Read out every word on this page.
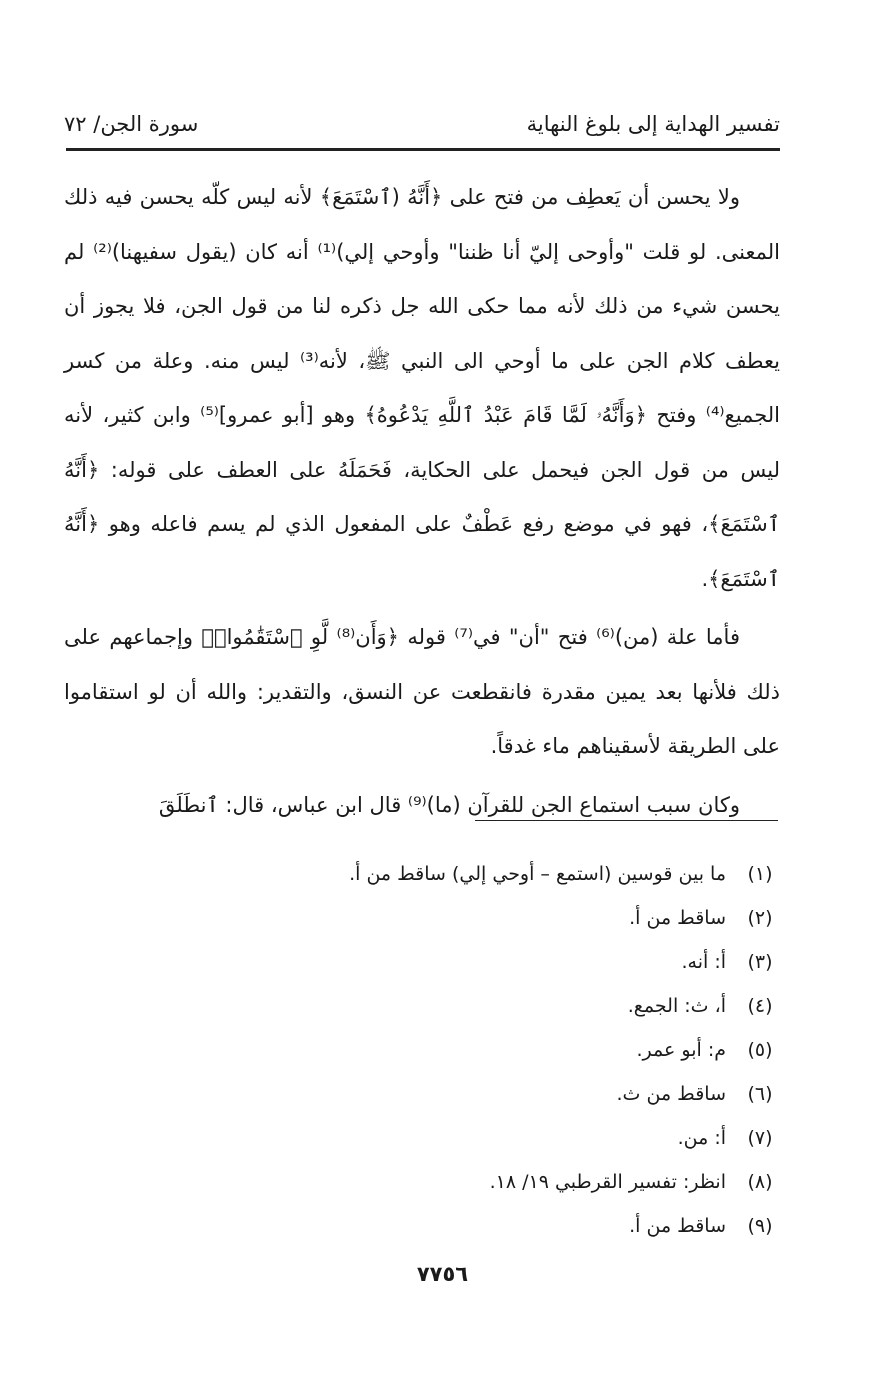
تفسير الهداية إلى بلوغ النهاية
سورة الجن/ ٧٢

ولا يحسن أن يَعطِف من فتح على ﴿أَنَّهُ (ٱسْتَمَعَ﴾ لأنه ليس كلّه يحسن فيه ذلك المعنى. لو قلت "وأوحى إليّ أنا ظننا" وأوحي إلي)⁽¹⁾ أنه كان (يقول سفيهنا)⁽²⁾ لم يحسن شيء من ذلك لأنه مما حكى الله جل ذكره لنا من قول الجن، فلا يجوز أن يعطف كلام الجن على ما أوحي الى النبي ﷺ، لأنه⁽³⁾ ليس منه. وعلة من كسر الجميع⁽⁴⁾ وفتح ﴿وَأَنَّهُۥ لَمَّا قَامَ عَبْدُ ٱللَّهِ يَدْعُوهُ﴾ وهو [أبو عمرو]⁽⁵⁾ وابن كثير، لأنه ليس من قول الجن فيحمل على الحكاية، فَحَمَلَهُ على العطف على قوله: ﴿أَنَّهُ ٱسْتَمَعَ﴾، فهو في موضع رفع عَطْفٌ على المفعول الذي لم يسم فاعله وهو ﴿أَنَّهُ ٱسْتَمَعَ﴾.

فأما علة (من)⁽⁶⁾ فتح "أن" في⁽⁷⁾ قوله ﴿وَأَن⁽⁸⁾ لَّوِ ٱسْتَقَٰمُوا۟﴾ وإجماعهم على ذلك فلأنها بعد يمين مقدرة فانقطعت عن النسق، والتقدير: والله أن لو استقاموا على الطريقة لأسقيناهم ماء غدقاً.

وكان سبب استماع الجن للقرآن (ما)⁽⁹⁾ قال ابن عباس، قال: ٱنطَلَقَ

(١)
ما بين قوسين (استمع – أوحي إلي) ساقط من أ.
(٢)
ساقط من أ.
(٣)
أ: أنه.
(٤)
أ، ث: الجمع.
(٥)
م: أبو عمر.
(٦)
ساقط من ث.
(٧)
أ: من.
(٨)
انظر: تفسير القرطبي ١٩/ ١٨.
(٩)
ساقط من أ.
٧٧٥٦
